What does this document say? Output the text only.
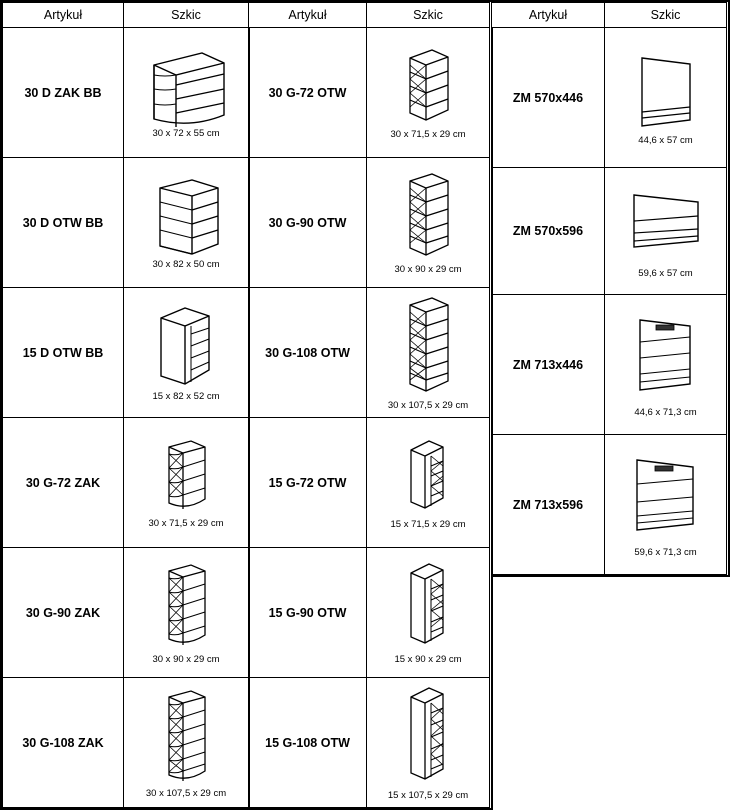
Artykuł	Szkic
30 D ZAK BB	30 x 72 x 55 cm

30 D OTW BB	30 x 82 x 50 cm

15 D OTW BB	15 x 82 x 52 cm

30 G-72 ZAK	30 x 71,5 x 29 cm

30 G-90 ZAK	30 x 90 x 29 cm

30 G-108 ZAK	30 x 107,5 x 29 cm
Artykuł	Szkic
30 G-72 OTW	30 x 71,5 x 29 cm

30 G-90 OTW	30 x 90 x 29 cm

30 G-108 OTW	30 x 107,5 x 29 cm

15 G-72 OTW	15 x 71,5 x 29 cm

15 G-90 OTW	15 x 90 x 29 cm

15 G-108 OTW	15 x 107,5 x 29 cm
Artykuł	Szkic
ZM 570x446	44,6 x 57 cm

ZM 570x596	59,6 x 57 cm

ZM 713x446	44,6 x 71,3 cm

ZM 713x596	59,6 x 71,3 cm
